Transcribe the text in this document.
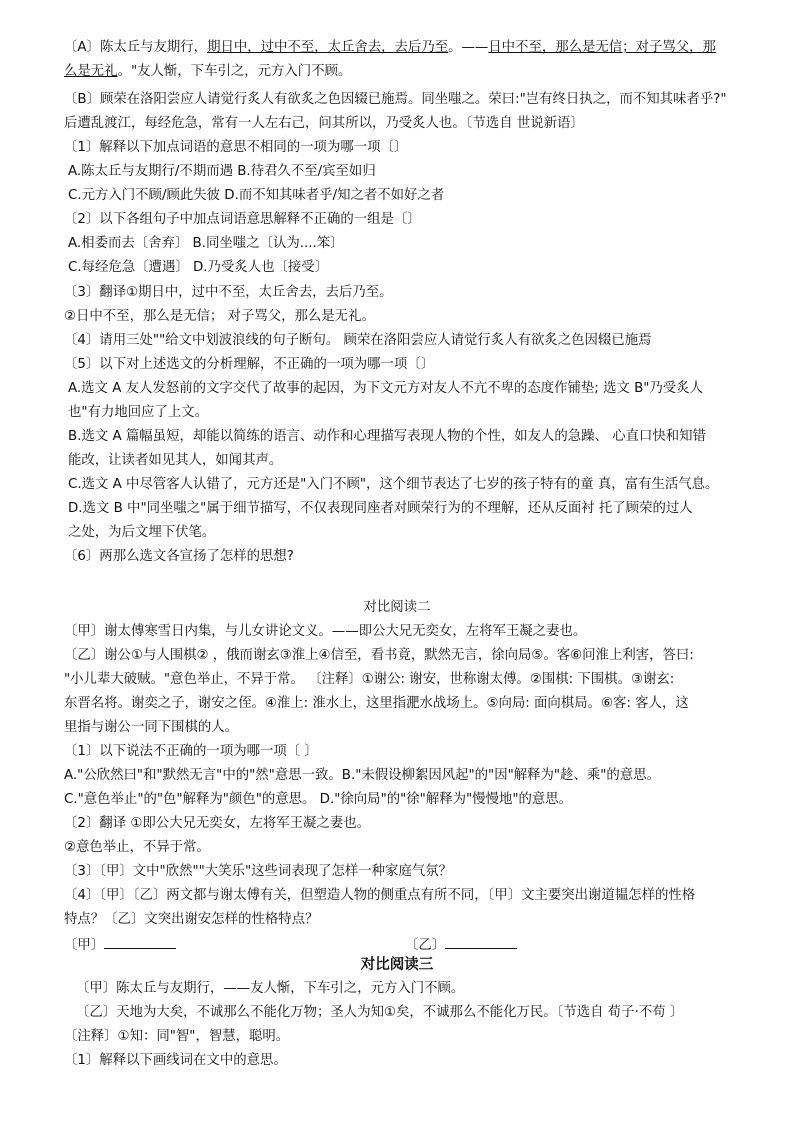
〔A〕陈太丘与友期行，期日中，过中不至，太丘舍去，去后乃至。——日中不至，那么是无信；对子骂父，那
么是无礼。"友人惭，下车引之，元方入门不顾。
〔B〕顾荣在洛阳尝应人请觉行炙人有欲炙之色因辍已施焉。同坐嗤之。荣曰:"岂有终日执之，而不知其味者乎?"
后遭乱渡江，每经危急，常有一人左右己，问其所以，乃受炙人也。〔节选自 世说新语〕
〔1〕解释以下加点词语的意思不相同的一项为哪一项〔〕
A.陈太丘与友期行/不期而遇 B.待君久不至/宾至如归
C.元方入门不顾/顾此失彼 D.而不知其味者乎/知之者不如好之者
〔2〕以下各组句子中加点词语意思解释不正确的一组是〔〕
A.相委而去〔舍弃〕 B.同坐嗤之〔认为....笨〕
C.每经危急〔遭遇〕 D.乃受炙人也〔接受〕
〔3〕翻译①期日中，过中不至，太丘舍去，去后乃至。
②日中不至，那么是无信； 对子骂父，那么是无礼。
〔4〕请用三处""给文中划波浪线的句子断句。 顾荣在洛阳尝应人请觉行炙人有欲炙之色因辍已施焉
〔5〕以下对上述选文的分析理解，不正确的一项为哪一项〔〕
A.选文 A 友人发怒前的文字交代了故事的起因，为下文元方对友人不亢不卑的态度作铺垫; 选文 B"乃受炙人
也"有力地回应了上文。
B.选文 A 篇幅虽短，却能以简练的语言、动作和心理描写表现人物的个性，如友人的急躁、 心直口快和知错
能改，让读者如见其人，如闻其声。
C.选文 A 中尽管客人认错了，元方还是"入门不顾"，这个细节表达了七岁的孩子特有的童 真，富有生活气息。
D.选文 B 中"同坐嗤之"属于细节描写，不仅表现同座者对顾荣行为的不理解，还从反面衬 托了顾荣的过人
之处，为后文埋下伏笔。
〔6〕两那么选文各宣扬了怎样的思想?
对比阅读二
〔甲〕谢太傅寒雪日内集，与儿女讲论文义。——即公大兄无奕女，左将军王凝之妻也。
〔乙〕谢公①与人围棋② ，俄而谢玄③淮上④信至，看书竟，默然无言，徐向局⑤。客⑥问淮上利害，答曰:
"小儿辈大破贼。"意色举止，不异于常。 〔注释〕①谢公: 谢安，世称谢太傅。②围棋: 下围棋。③谢玄:
东晋名将。谢奕之子，谢安之侄。④淮上: 淮水上，这里指淝水战场上。⑤向局: 面向棋局。⑥客: 客人，这
里指与谢公一同下围棋的人。
〔1〕以下说法不正确的一项为哪一项〔 〕
A."公欣然曰"和"默然无言"中的"然"意思一致。B."未假设柳絮因风起"的"因"解释为"趁、乘"的意思。
C."意色举止"的"色"解释为"颜色"的意思。 D."徐向局"的"徐"解释为"慢慢地"的意思。
〔2〕翻译 ①即公大兄无奕女，左将军王凝之妻也。
②意色举止，不异于常。
〔3〕〔甲〕文中"欣然""大笑乐"这些词表现了怎样一种家庭气氛？
〔4〕〔甲〕〔乙〕两文都与谢太傅有关，但塑造人物的侧重点有所不同，〔甲〕文主要突出谢道韫怎样的性格
特点？〔乙〕文突出谢安怎样的性格特点？
〔甲〕	〔乙〕
对比阅读三
〔甲〕陈太丘与友期行，——友人惭，下车引之，元方入门不顾。
〔乙〕天地为大矣，不诚那么不能化万物；圣人为知①矣，不诚那么不能化万民。〔节选自 荀子·不苟 〕
〔注释〕①知：同"智"，智慧，聪明。
〔1〕解释以下画线词在文中的意思。
